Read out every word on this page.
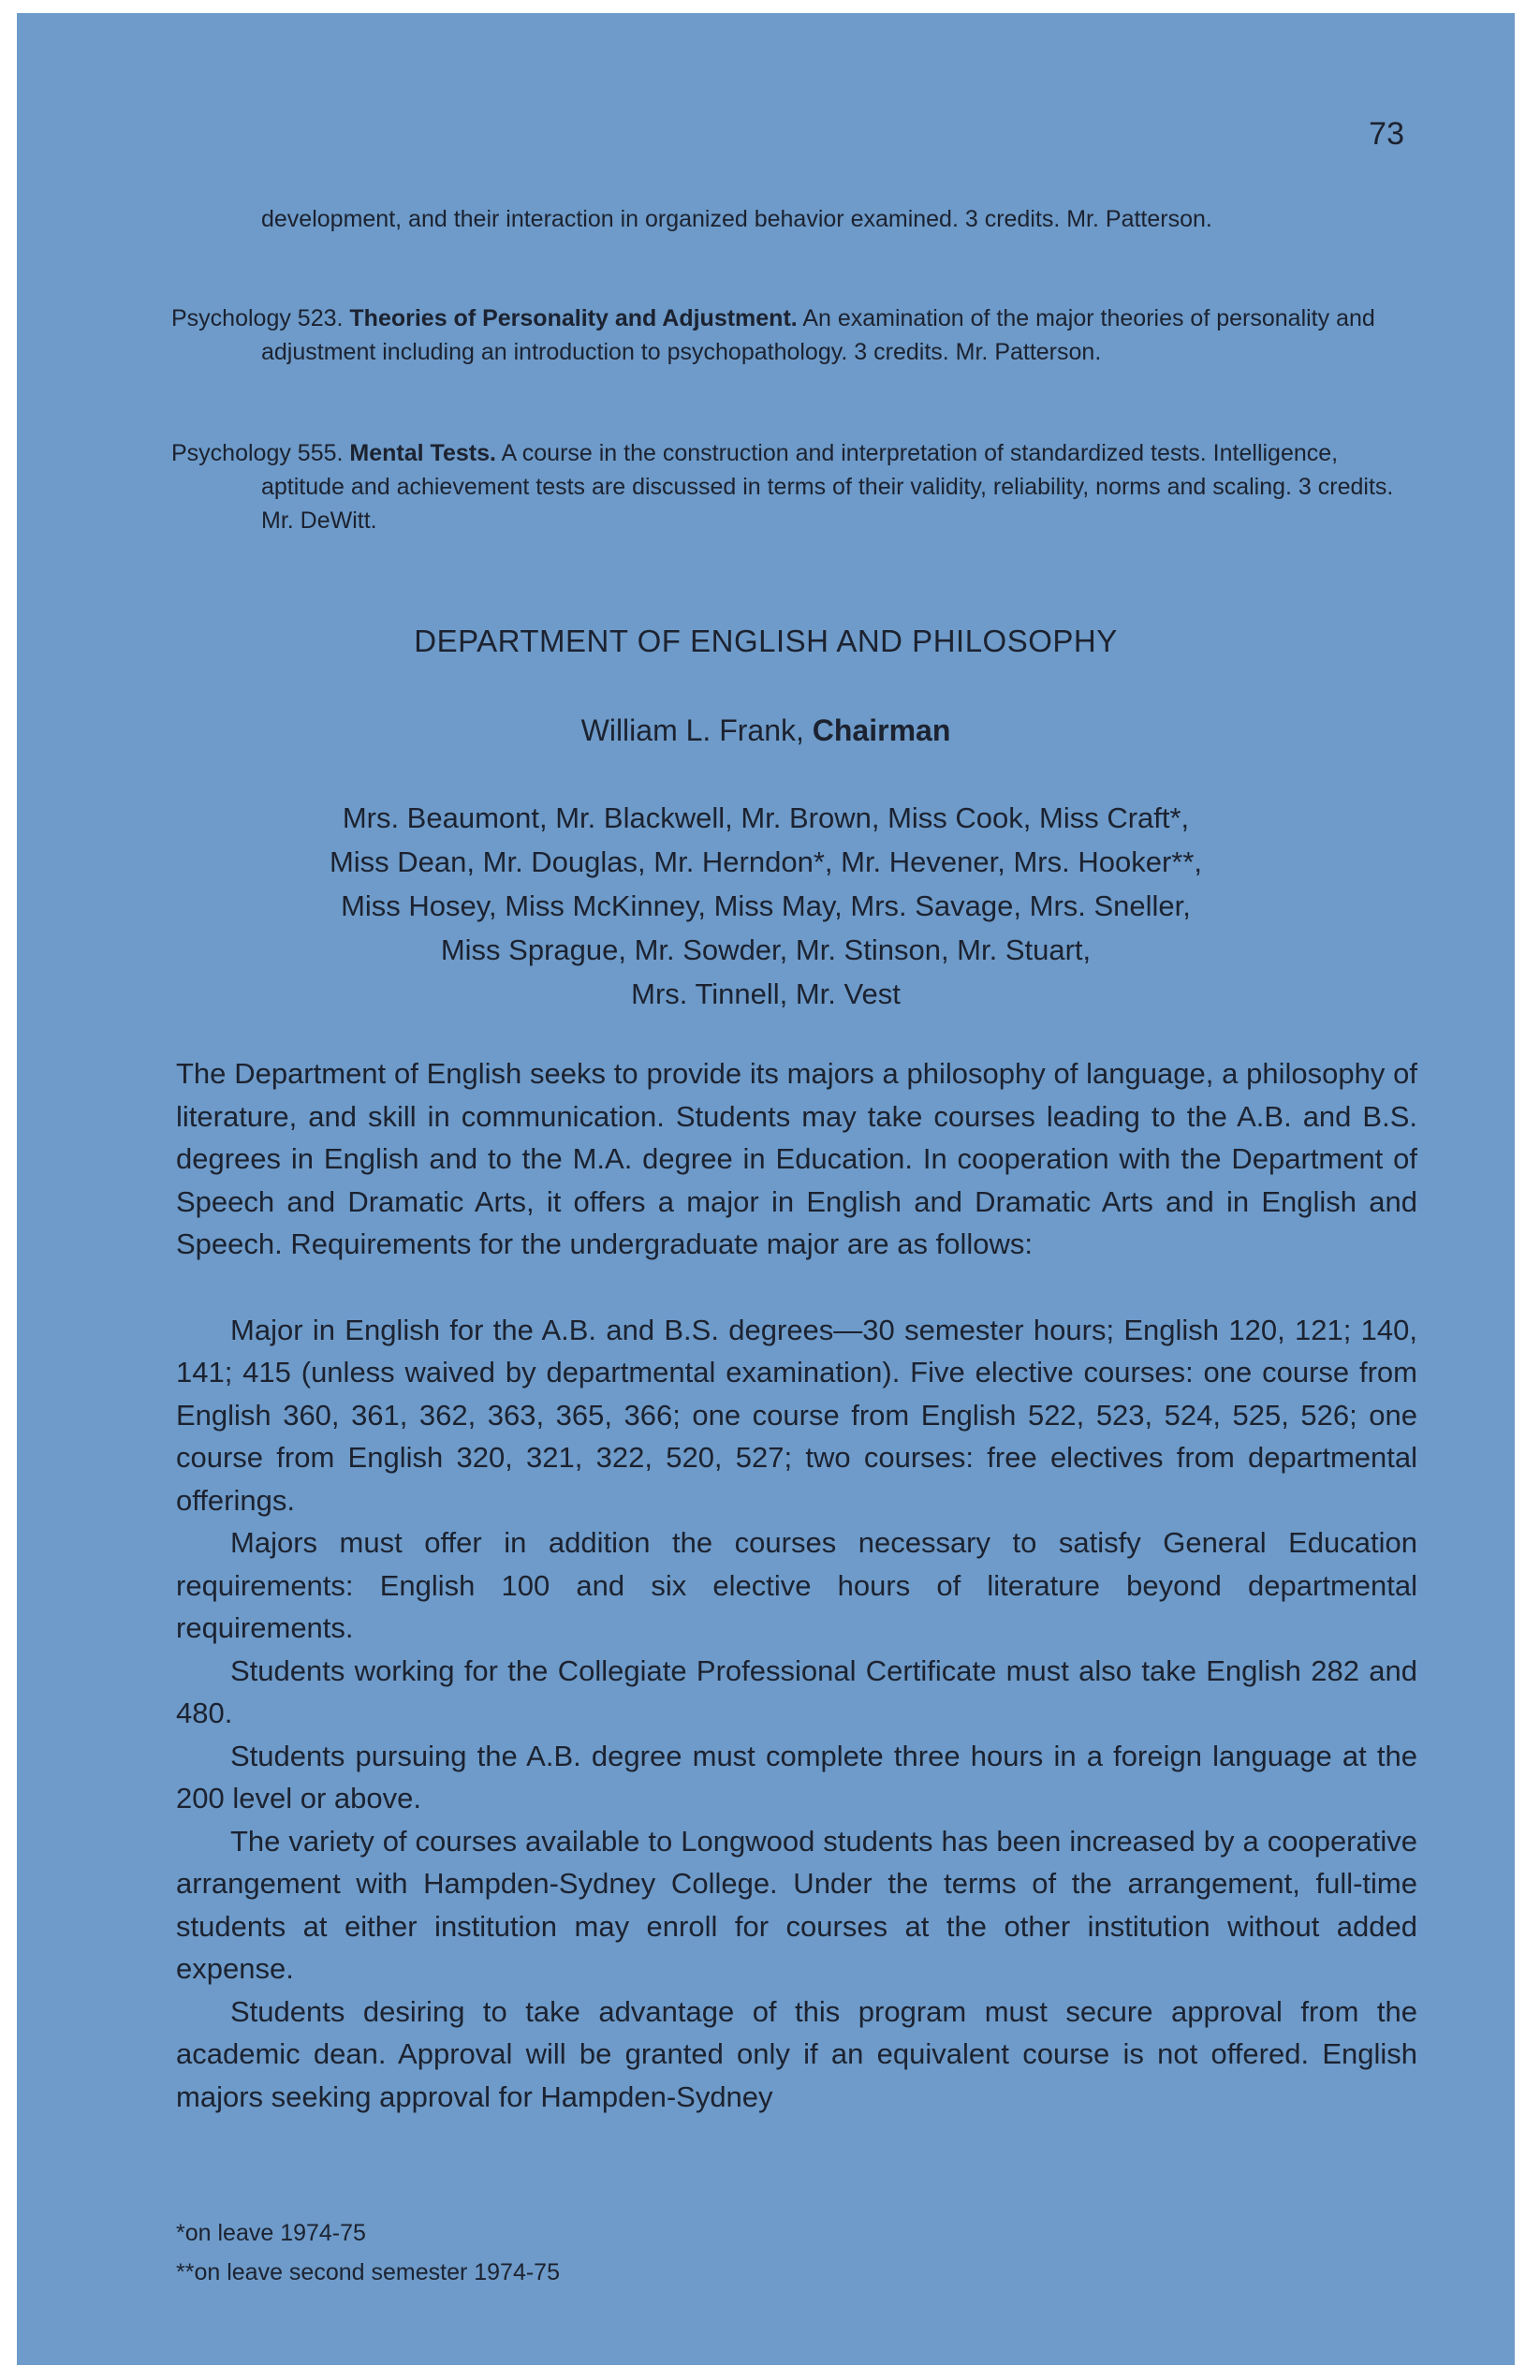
73

development, and their interaction in organized behavior examined. 3 credits. Mr. Patterson.

Psychology 523. Theories of Personality and Adjustment. An examination of the major theories of personality and adjustment including an introduction to psychopathology. 3 credits. Mr. Patterson.

Psychology 555. Mental Tests. A course in the construction and interpretation of standardized tests. Intelligence, aptitude and achievement tests are discussed in terms of their validity, reliability, norms and scaling. 3 credits. Mr. DeWitt.

DEPARTMENT OF ENGLISH AND PHILOSOPHY

William L. Frank, Chairman

Mrs. Beaumont, Mr. Blackwell, Mr. Brown, Miss Cook, Miss Craft*,
Miss Dean, Mr. Douglas, Mr. Herndon*, Mr. Hevener, Mrs. Hooker**,
Miss Hosey, Miss McKinney, Miss May, Mrs. Savage, Mrs. Sneller,
Miss Sprague, Mr. Sowder, Mr. Stinson, Mr. Stuart,
Mrs. Tinnell, Mr. Vest

The Department of English seeks to provide its majors a philosophy of language, a philosophy of literature, and skill in communication. Students may take courses leading to the A.B. and B.S. degrees in English and to the M.A. degree in Education. In cooperation with the Department of Speech and Dramatic Arts, it offers a major in English and Dramatic Arts and in English and Speech. Requirements for the undergraduate major are as follows:

Major in English for the A.B. and B.S. degrees—30 semester hours; English 120, 121; 140, 141; 415 (unless waived by departmental examination). Five elective courses: one course from English 360, 361, 362, 363, 365, 366; one course from English 522, 523, 524, 525, 526; one course from English 320, 321, 322, 520, 527; two courses: free electives from departmental offerings.

Majors must offer in addition the courses necessary to satisfy General Education requirements: English 100 and six elective hours of literature beyond departmental requirements.

Students working for the Collegiate Professional Certificate must also take English 282 and 480.

Students pursuing the A.B. degree must complete three hours in a foreign language at the 200 level or above.

The variety of courses available to Longwood students has been increased by a cooperative arrangement with Hampden-Sydney College. Under the terms of the arrangement, full-time students at either institution may enroll for courses at the other institution without added expense.

Students desiring to take advantage of this program must secure approval from the academic dean. Approval will be granted only if an equivalent course is not offered. English majors seeking approval for Hampden-Sydney

*on leave 1974-75

**on leave second semester 1974-75
